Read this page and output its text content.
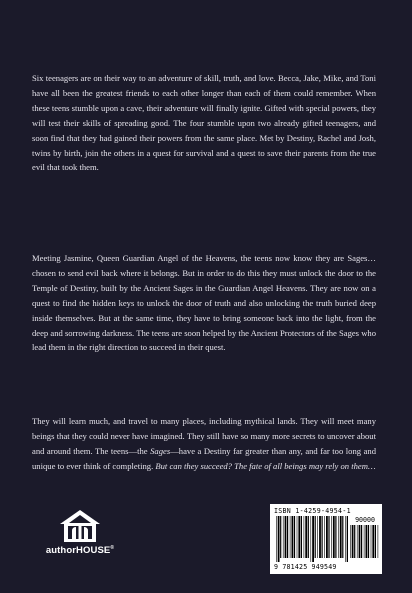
Six teenagers are on their way to an adventure of skill, truth, and love. Becca, Jake, Mike, and Toni have all been the greatest friends to each other longer than each of them could remember. When these teens stumble upon a cave, their adventure will finally ignite. Gifted with special powers, they will test their skills of spreading good. The four stumble upon two already gifted teenagers, and soon find that they had gained their powers from the same place. Met by Destiny, Rachel and Josh, twins by birth, join the others in a quest for survival and a quest to save their parents from the true evil that took them.

Meeting Jasmine, Queen Guardian Angel of the Heavens, the teens now know they are Sages…chosen to send evil back where it belongs. But in order to do this they must unlock the door to the Temple of Destiny, built by the Ancient Sages in the Guardian Angel Heavens. They are now on a quest to find the hidden keys to unlock the door of truth and also unlocking the truth buried deep inside themselves. But at the same time, they have to bring someone back into the light, from the deep and sorrowing darkness. The teens are soon helped by the Ancient Protectors of the Sages who lead them in the right direction to succeed in their quest.

They will learn much, and travel to many places, including mythical lands. They will meet many beings that they could never have imagined. They still have so many more secrets to uncover about and around them. The teens—the Sages—have a Destiny far greater than any, and far too long and unique to ever think of completing. But can they succeed? The fate of all beings may rely on them…

authorHOUSE®
ISBN 1-4259-4954-1
90000
9 781425 949549
